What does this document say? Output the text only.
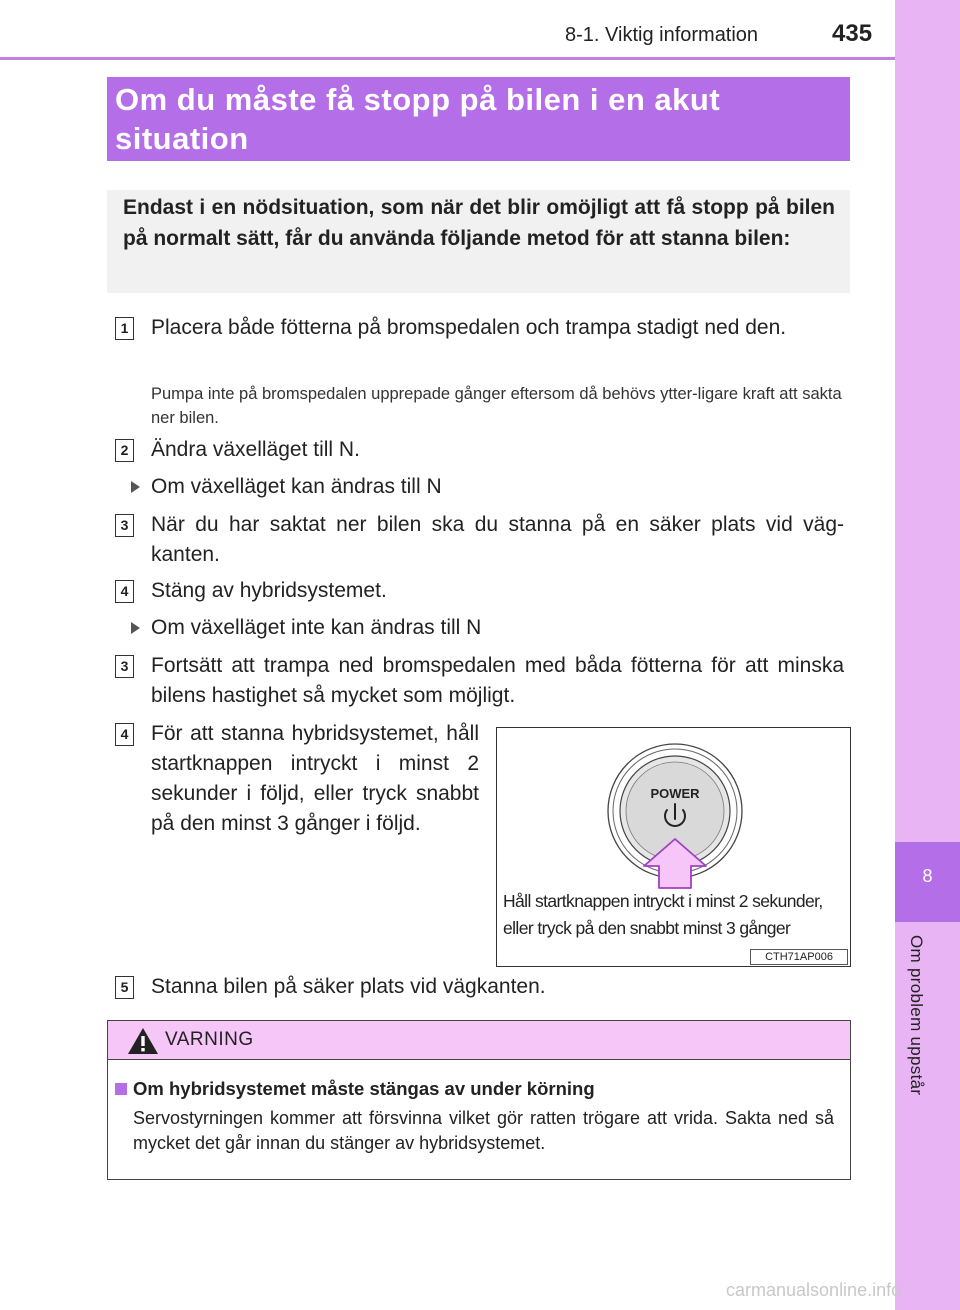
8-1. Viktig information	435
8
Om problem uppstår
Om du måste få stopp på bilen i en akut
situation
Endast i en nödsituation, som när det blir omöjligt att få stopp på bilen på normalt sätt, får du använda följande metod för att stanna bilen:
1 Placera både fötterna på bromspedalen och trampa stadigt ned den.
Pumpa inte på bromspedalen upprepade gånger eftersom då behövs ytter-ligare kraft att sakta ner bilen.
2 Ändra växelläget till N.
Om växelläget kan ändras till N
3 När du har saktat ner bilen ska du stanna på en säker plats vid väg-kanten.
4 Stäng av hybridsystemet.
Om växelläget inte kan ändras till N
3 Fortsätt att trampa ned bromspedalen med båda fötterna för att minska bilens hastighet så mycket som möjligt.
4 För att stanna hybridsystemet, håll startknappen intryckt i minst 2 sekunder i följd, eller tryck snabbt på den minst 3 gånger i följd.
POWER
Håll startknappen intryckt i minst 2 sekunder,
eller tryck på den snabbt minst 3 gånger
CTH71AP006
5 Stanna bilen på säker plats vid vägkanten.
VARNING
Om hybridsystemet måste stängas av under körning
Servostyrningen kommer att försvinna vilket gör ratten trögare att vrida. Sakta ned så mycket det går innan du stänger av hybridsystemet.
carmanualsonline.info
